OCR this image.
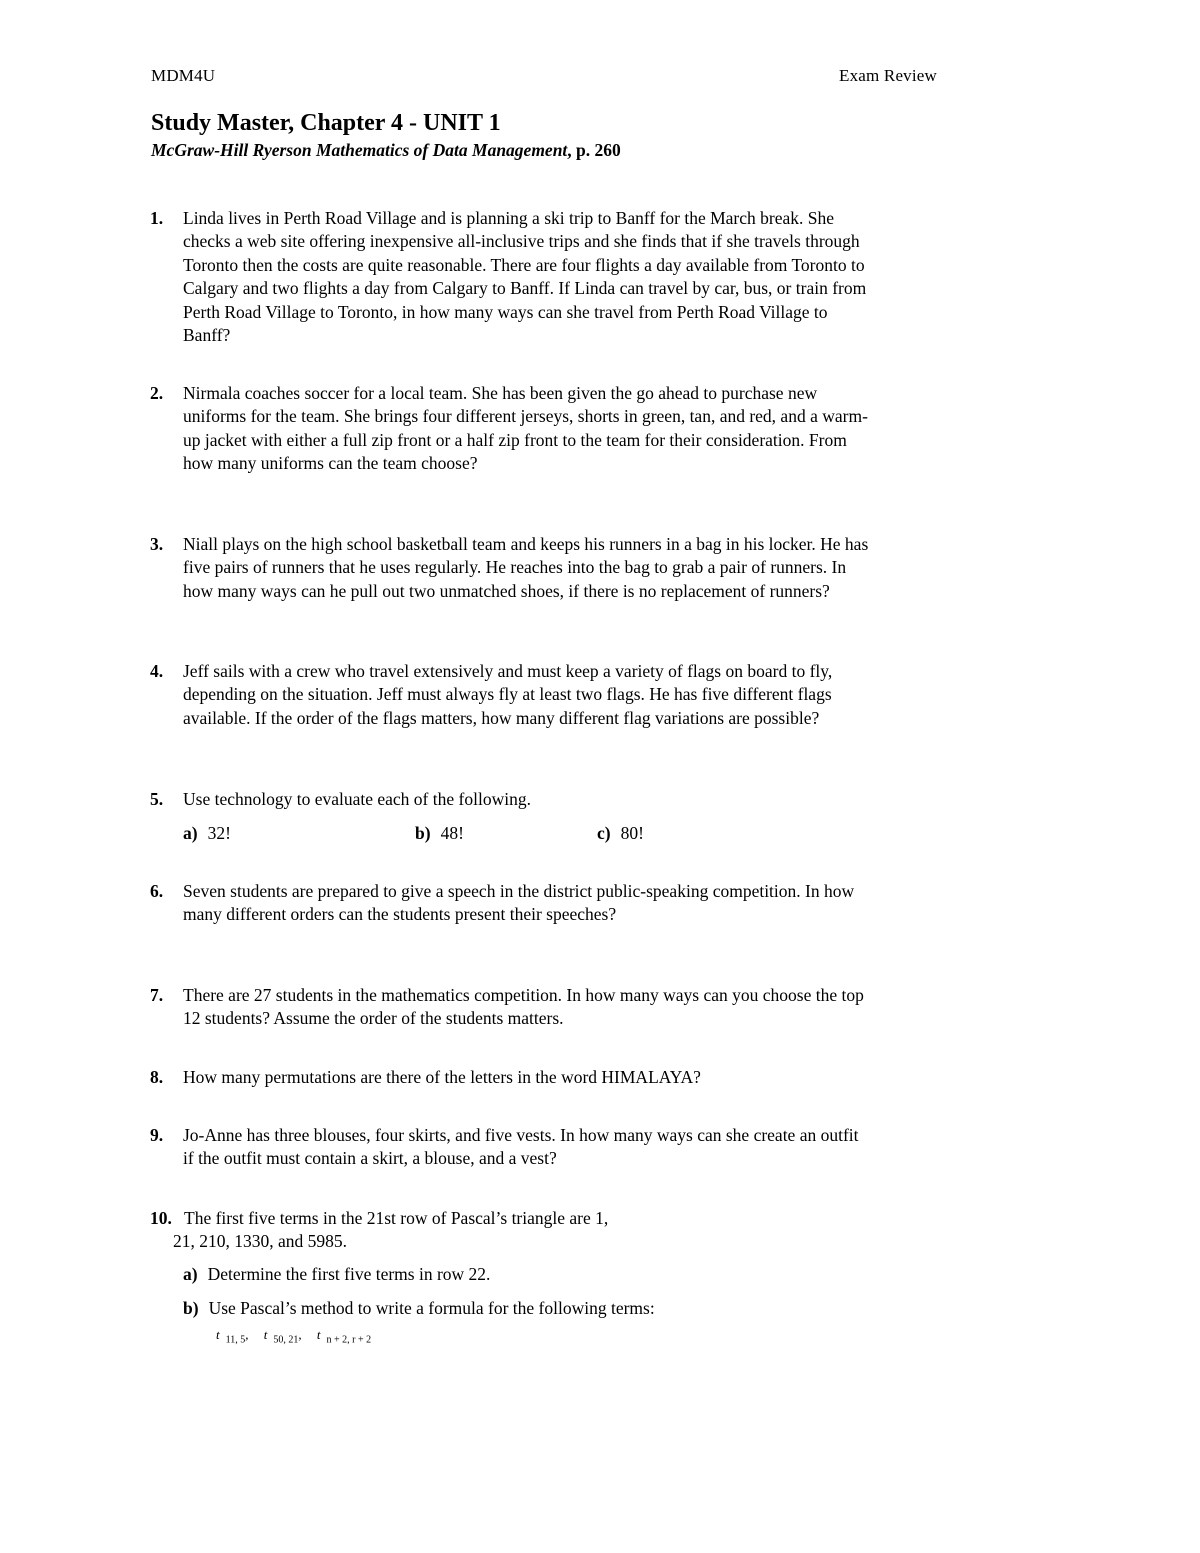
MDM4U	Exam Review
Study Master, Chapter 4 - UNIT 1
McGraw-Hill Ryerson Mathematics of Data Management, p. 260
1. Linda lives in Perth Road Village and is planning a ski trip to Banff for the March break. She checks a web site offering inexpensive all-inclusive trips and she finds that if she travels through Toronto then the costs are quite reasonable. There are four flights a day available from Toronto to Calgary and two flights a day from Calgary to Banff. If Linda can travel by car, bus, or train from Perth Road Village to Toronto, in how many ways can she travel from Perth Road Village to Banff?
2. Nirmala coaches soccer for a local team. She has been given the go ahead to purchase new uniforms for the team. She brings four different jerseys, shorts in green, tan, and red, and a warm-up jacket with either a full zip front or a half zip front to the team for their consideration. From how many uniforms can the team choose?
3. Niall plays on the high school basketball team and keeps his runners in a bag in his locker. He has five pairs of runners that he uses regularly. He reaches into the bag to grab a pair of runners. In how many ways can he pull out two unmatched shoes, if there is no replacement of runners?
4. Jeff sails with a crew who travel extensively and must keep a variety of flags on board to fly, depending on the situation. Jeff must always fly at least two flags. He has five different flags available. If the order of the flags matters, how many different flag variations are possible?
5. Use technology to evaluate each of the following.
a) 32!	b) 48!	c) 80!
6. Seven students are prepared to give a speech in the district public-speaking competition. In how many different orders can the students present their speeches?
7. There are 27 students in the mathematics competition. In how many ways can you choose the top 12 students? Assume the order of the students matters.
8. How many permutations are there of the letters in the word HIMALAYA?
9. Jo-Anne has three blouses, four skirts, and five vests. In how many ways can she create an outfit if the outfit must contain a skirt, a blouse, and a vest?
10. The first five terms in the 21st row of Pascal’s triangle are 1,
21, 210, 1330, and 5985.
a) Determine the first five terms in row 22.
b) Use Pascal’s method to write a formula for the following terms:
t $_{11, 5}$, t $_{50, 21}$, t $_{n + 2, r + 2}$
